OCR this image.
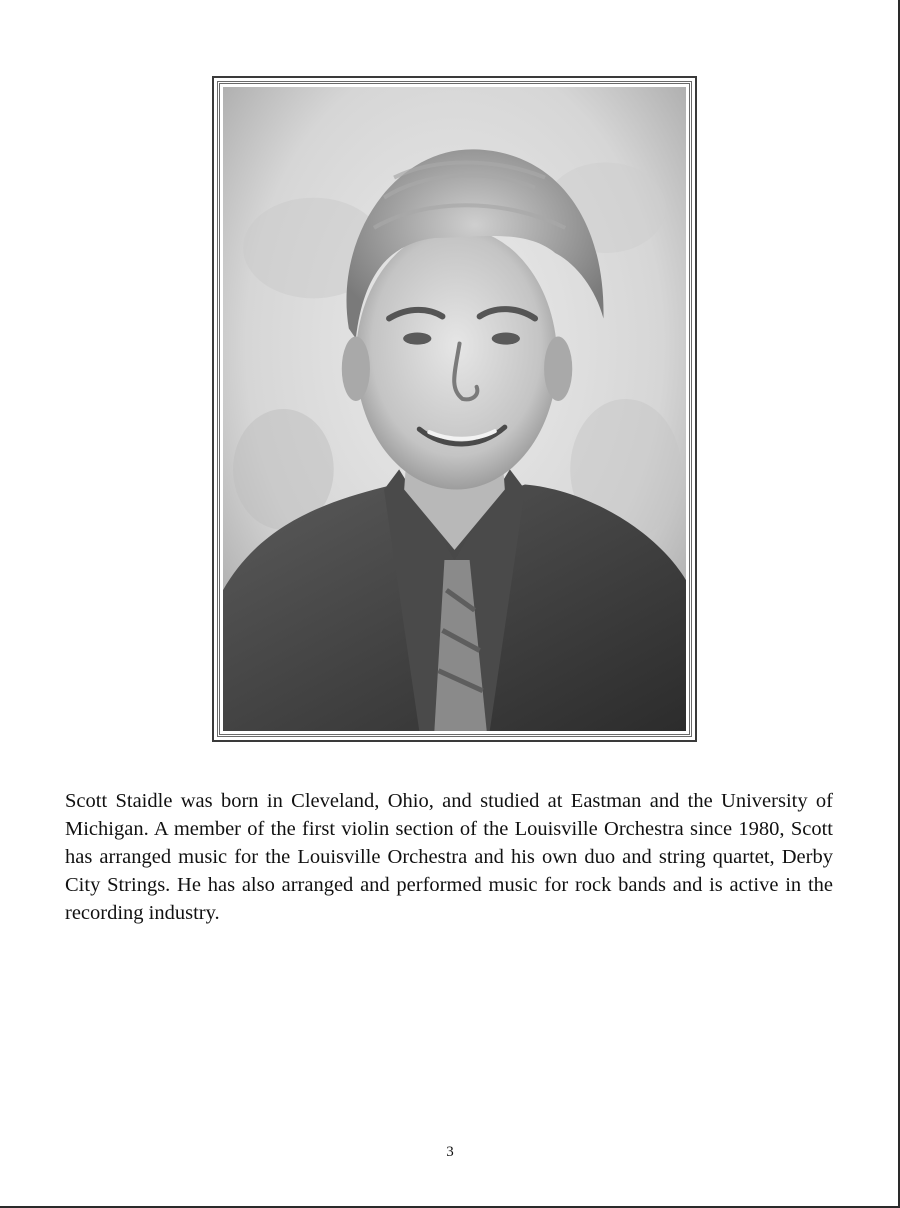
Scott Staidle was born in Cleveland, Ohio, and studied at Eastman and the University of Michigan. A member of the first violin section of the Louisville Orchestra since 1980, Scott has arranged music for the Louisville Orchestra and his own duo and string quartet, Derby City Strings. He has also arranged and performed music for rock bands and is active in the recording industry.

3
